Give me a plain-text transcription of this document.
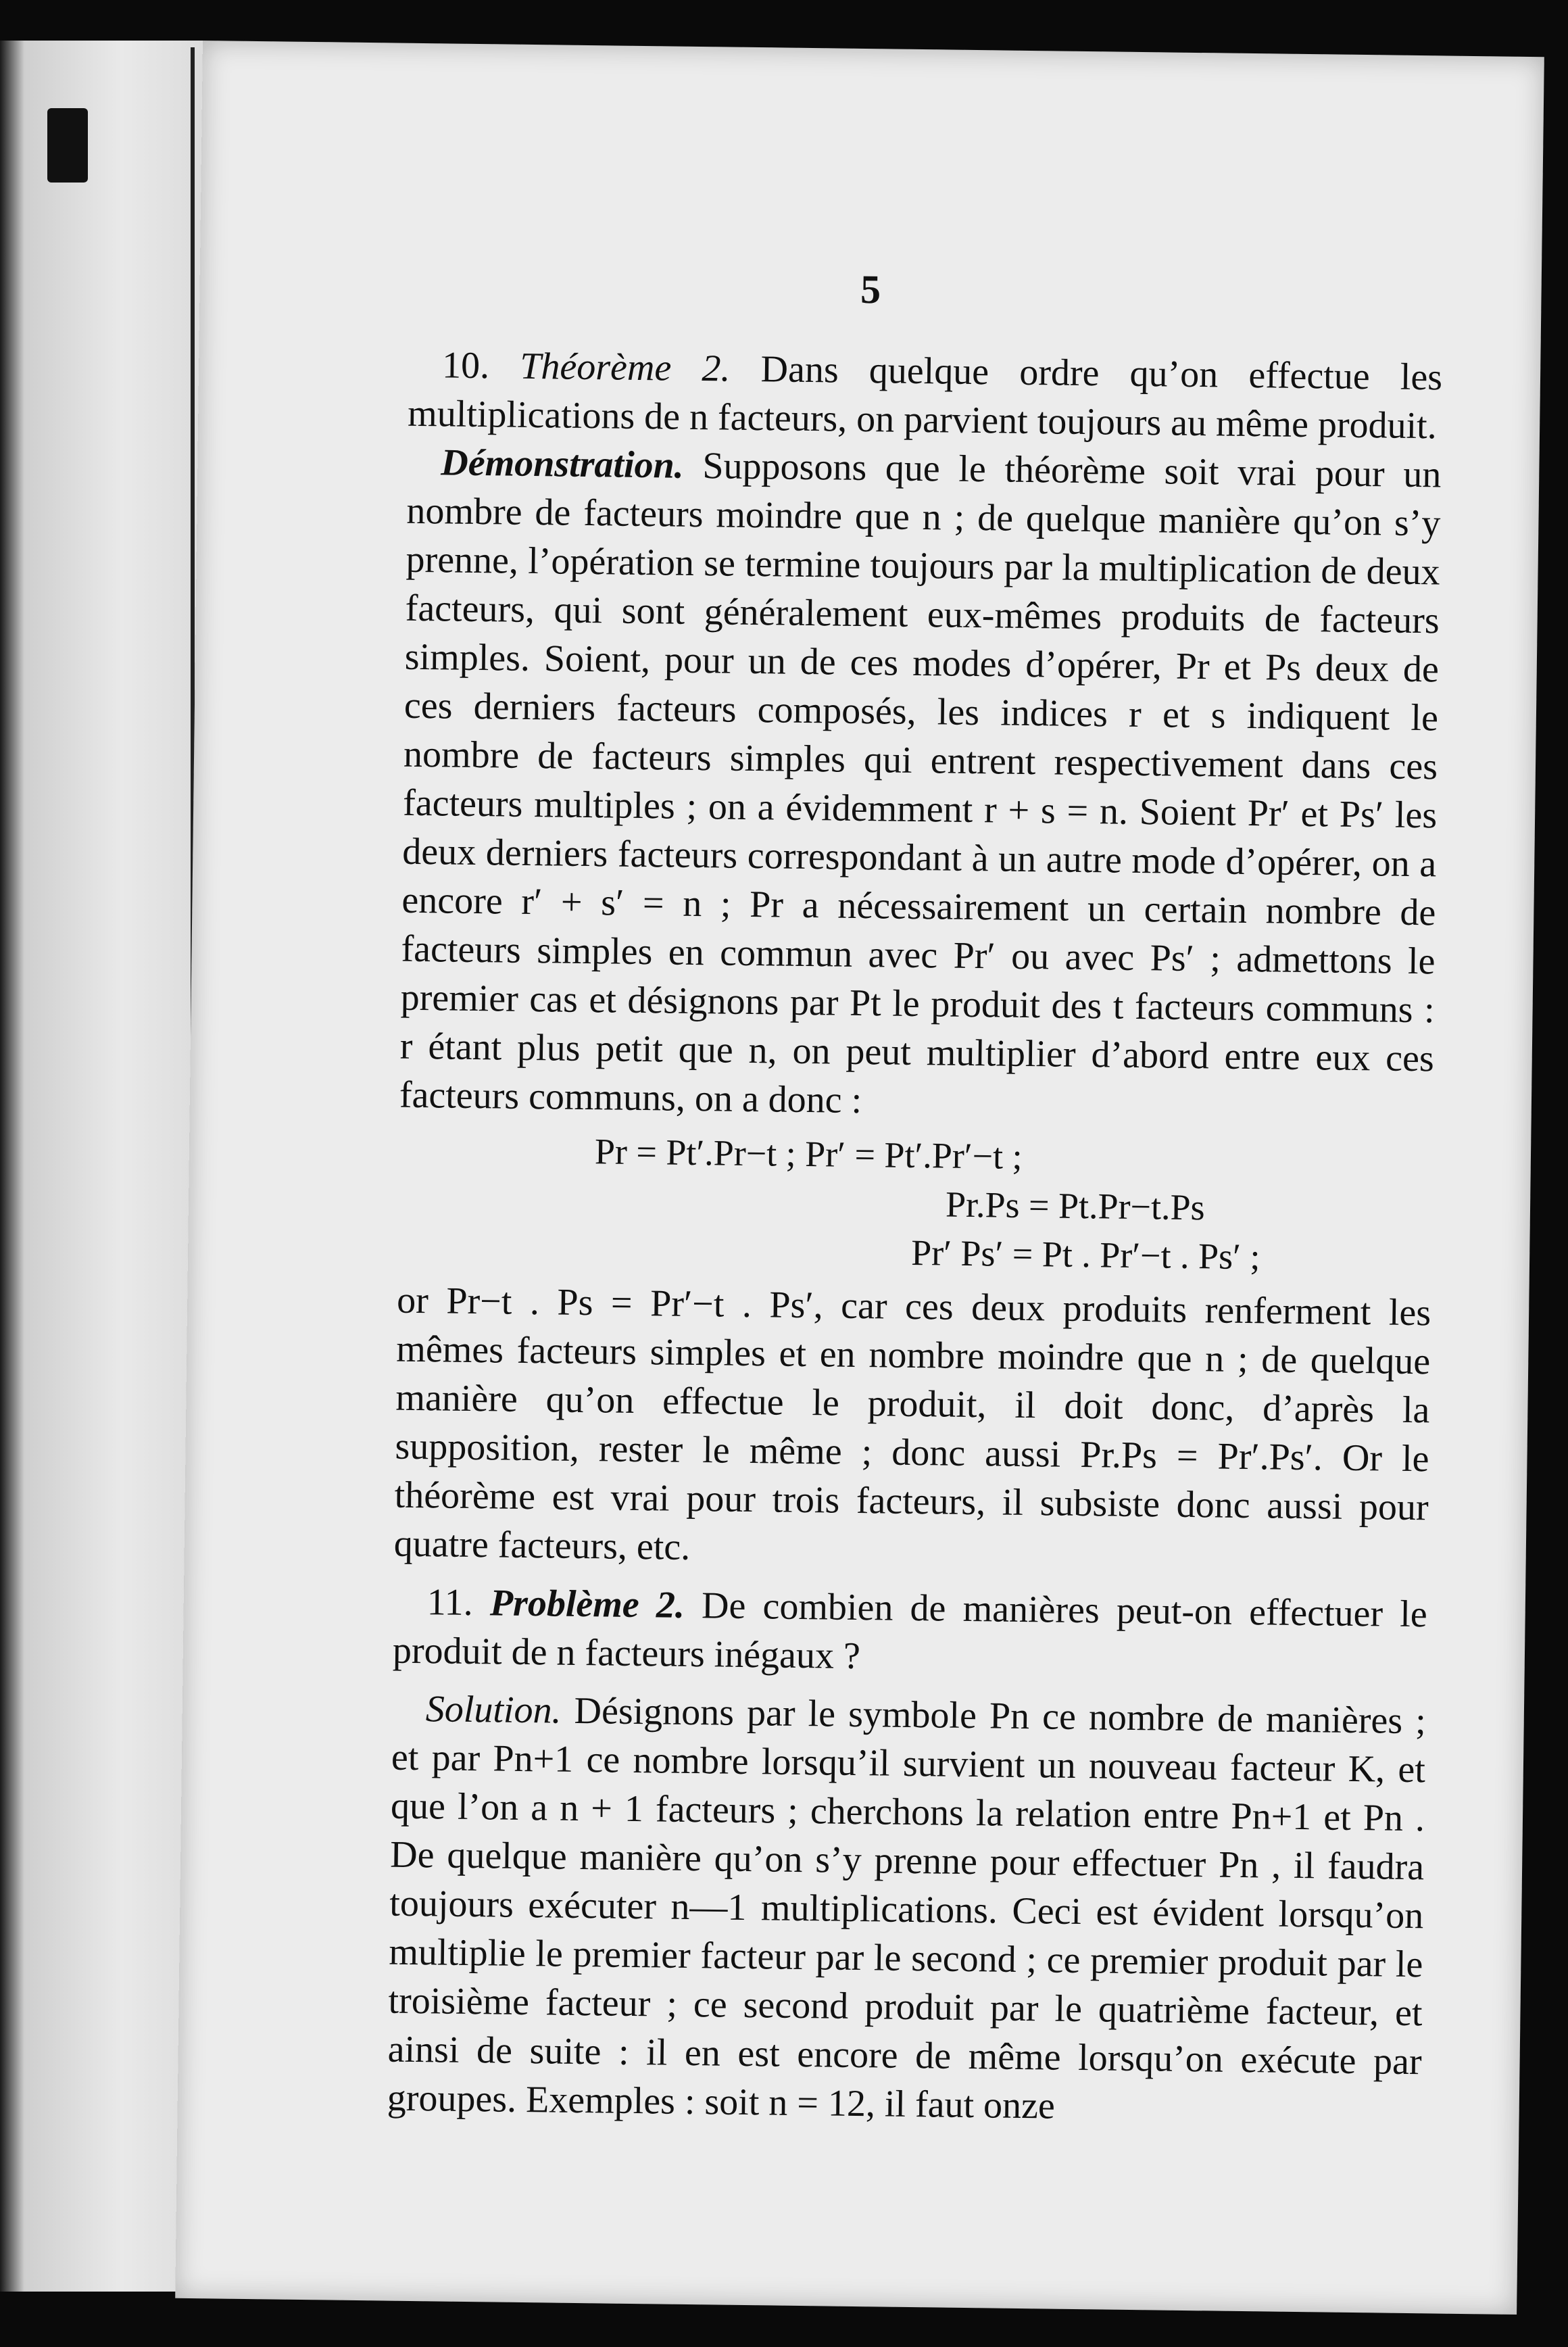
5

10. Théorème 2. Dans quelque ordre qu’on effectue les multiplications de n facteurs, on parvient toujours au même produit.

Démonstration. Supposons que le théorème soit vrai pour un nombre de facteurs moindre que n ; de quelque manière qu’on s’y prenne, l’opération se termine toujours par la multiplication de deux facteurs, qui sont généralement eux-mêmes produits de facteurs simples. Soient, pour un de ces modes d’opérer, Pr et Ps deux de ces derniers facteurs composés, les indices r et s indiquent le nombre de facteurs simples qui entrent respectivement dans ces facteurs multiples ; on a évidemment r + s = n. Soient Pr′ et Ps′ les deux derniers facteurs correspondant à un autre mode d’opérer, on a encore r′ + s′ = n ; Pr a nécessairement un certain nombre de facteurs simples en commun avec Pr′ ou avec Ps′ ; admettons le premier cas et désignons par Pt le produit des t facteurs communs : r étant plus petit que n, on peut multiplier d’abord entre eux ces facteurs communs, on a donc :

Pr = Pt′.Pr−t ; Pr′ = Pt′.Pr′−t ;
Pr.Ps = Pt.Pr−t.Ps
Pr′ Ps′ = Pt . Pr′−t . Ps′ ;

or Pr−t . Ps = Pr′−t . Ps′, car ces deux produits renferment les mêmes facteurs simples et en nombre moindre que n ; de quelque manière qu’on effectue le produit, il doit donc, d’après la supposition, rester le même ; donc aussi Pr.Ps = Pr′.Ps′. Or le théorème est vrai pour trois facteurs, il subsiste donc aussi pour quatre facteurs, etc.

11. Problème 2. De combien de manières peut-on effectuer le produit de n facteurs inégaux ?

Solution. Désignons par le symbole Pn ce nombre de manières ; et par Pn+1 ce nombre lorsqu’il survient un nouveau facteur K, et que l’on a n + 1 facteurs ; cherchons la relation entre Pn+1 et Pn . De quelque manière qu’on s’y prenne pour effectuer Pn , il faudra toujours exécuter n—1 multiplications. Ceci est évident lorsqu’on multiplie le premier facteur par le second ; ce premier produit par le troisième facteur ; ce second produit par le quatrième facteur, et ainsi de suite : il en est encore de même lorsqu’on exécute par groupes. Exemples : soit n = 12, il faut onze
